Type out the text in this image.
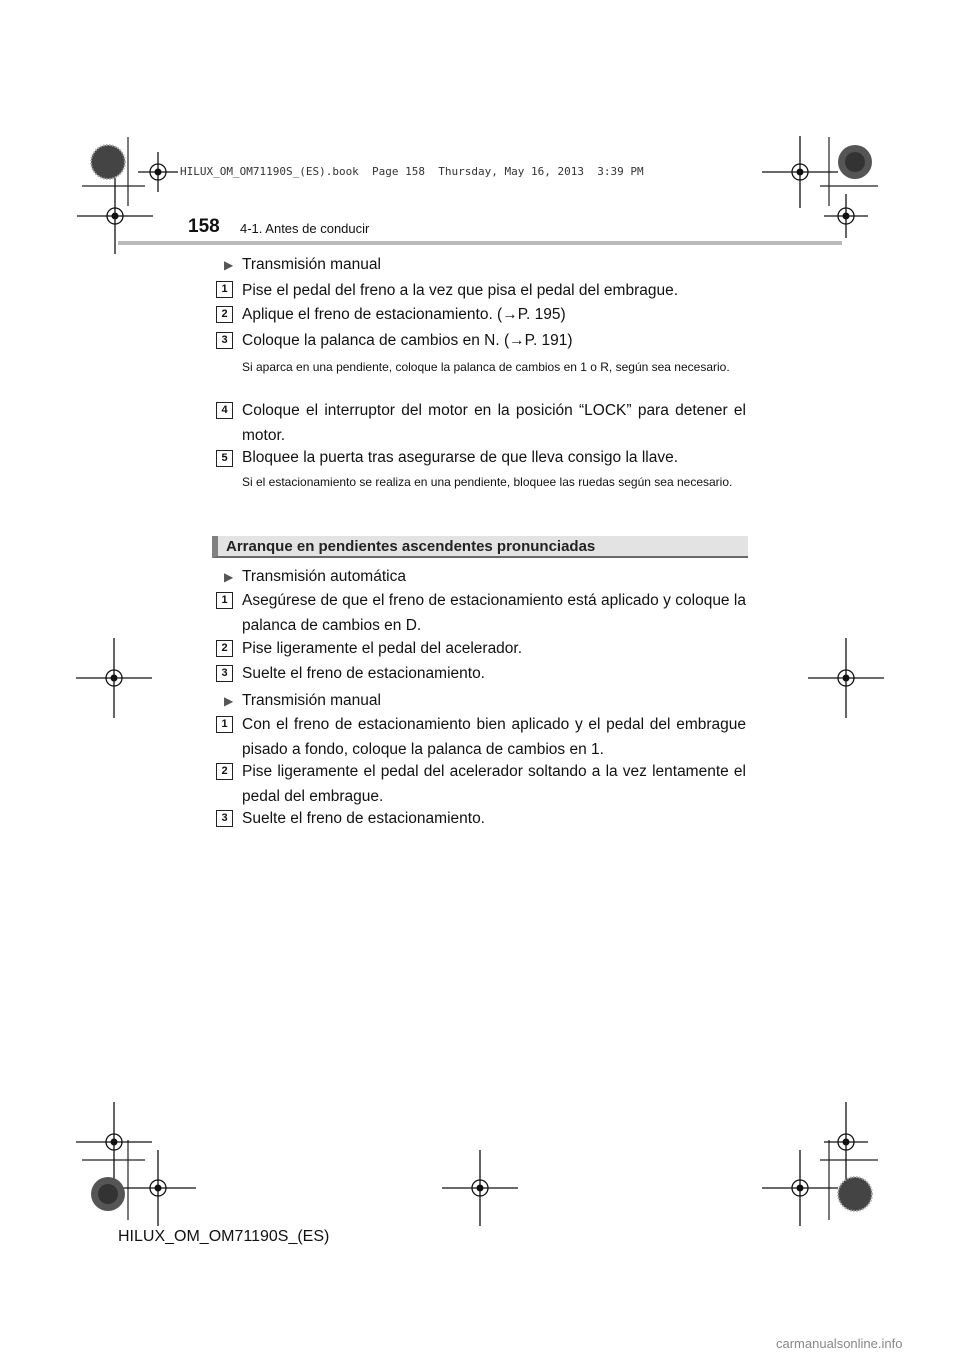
HILUX_OM_OM71190S_(ES).book  Page 158  Thursday, May 16, 2013  3:39 PM
158 4-1. Antes de conducir
▶ Transmisión manual
1 Pise el pedal del freno a la vez que pisa el pedal del embrague.
2 Aplique el freno de estacionamiento. (→P. 195)
3 Coloque la palanca de cambios en N. (→P. 191)
Si aparca en una pendiente, coloque la palanca de cambios en 1 o R, según sea necesario.
4 Coloque el interruptor del motor en la posición “LOCK” para detener el motor.
5 Bloquee la puerta tras asegurarse de que lleva consigo la llave.
Si el estacionamiento se realiza en una pendiente, bloquee las ruedas según sea necesario.
Arranque en pendientes ascendentes pronunciadas
▶ Transmisión automática
1 Asegúrese de que el freno de estacionamiento está aplicado y coloque la palanca de cambios en D.
2 Pise ligeramente el pedal del acelerador.
3 Suelte el freno de estacionamiento.
▶ Transmisión manual
1 Con el freno de estacionamiento bien aplicado y el pedal del embrague pisado a fondo, coloque la palanca de cambios en 1.
2 Pise ligeramente el pedal del acelerador soltando a la vez lentamente el pedal del embrague.
3 Suelte el freno de estacionamiento.
HILUX_OM_OM71190S_(ES)
carmanualsonline.info
